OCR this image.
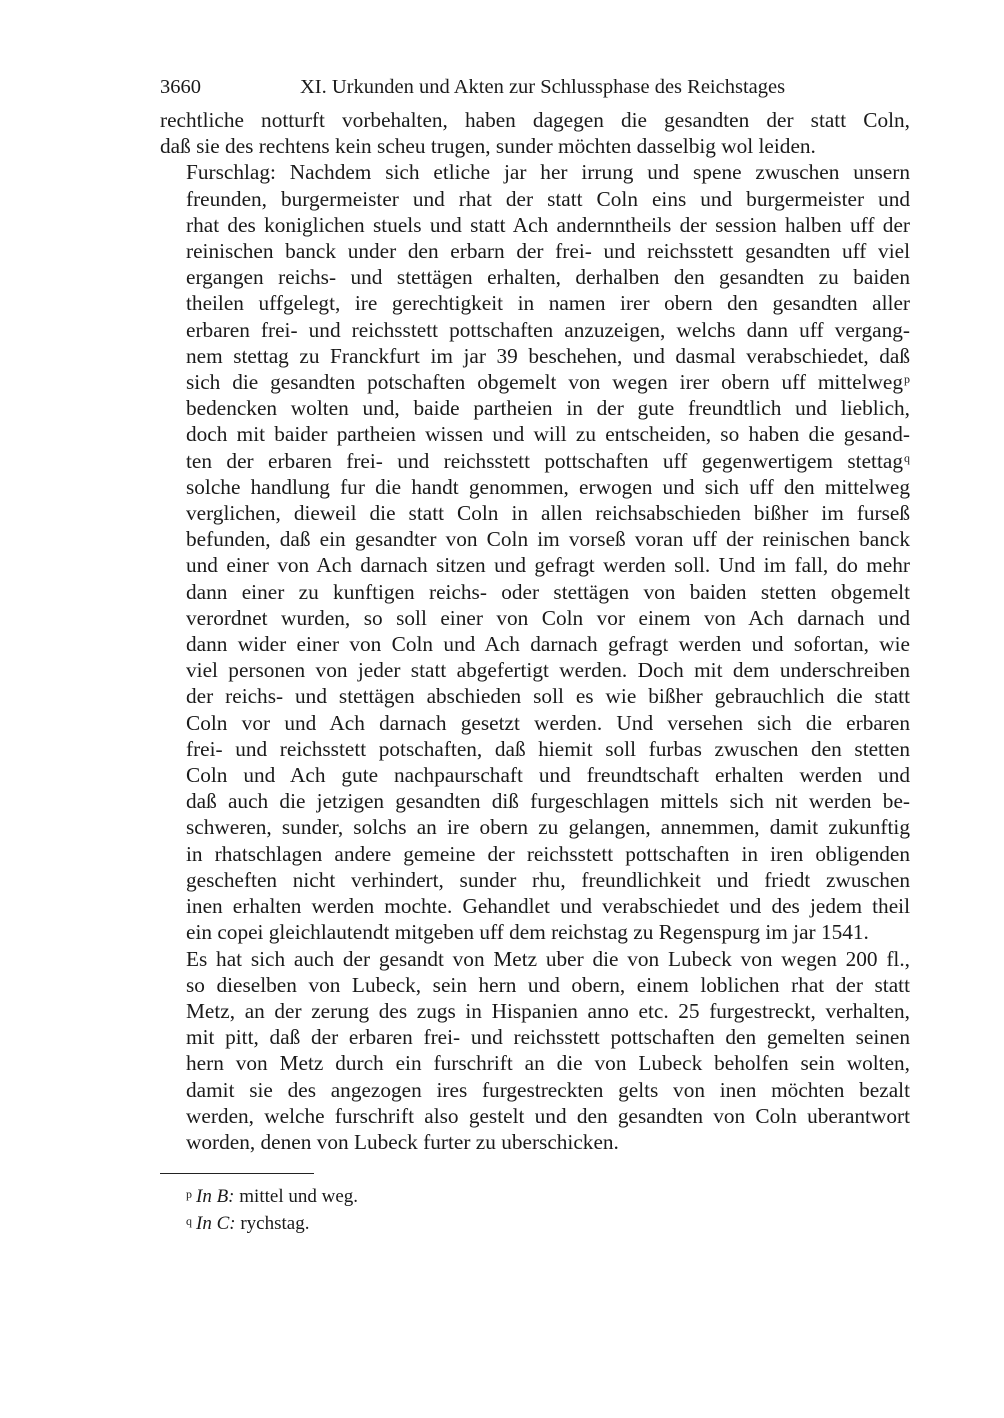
3660	XI. Urkunden und Akten zur Schlussphase des Reichstages
rechtliche notturft vorbehalten, haben dagegen die gesandten der statt Coln,
daß sie des rechtens kein scheu trugen, sunder möchten dasselbig wol leiden.
Furschlag: Nachdem sich etliche jar her irrung und spene zwuschen unsern
freunden, burgermeister und rhat der statt Coln eins und burgermeister und
rhat des koniglichen stuels und statt Ach andernntheils der session halben uff der
reinischen banck under den erbarn der frei- und reichsstett gesandten uff viel
ergangen reichs- und stettägen erhalten, derhalben den gesandten zu baiden
theilen uffgelegt, ire gerechtigkeit in namen irer obern den gesandten aller
erbaren frei- und reichsstett pottschaften anzuzeigen, welchs dann uff vergang-
nem stettag zu Franckfurt im jar 39 beschehen, und dasmal verabschiedet, daß
sich die gesandten potschaften obgemelt von wegen irer obern uff mittelweg$^p$
bedencken wolten und, baide partheien in der gute freundtlich und lieblich,
doch mit baider partheien wissen und will zu entscheiden, so haben die gesand-
ten der erbaren frei- und reichsstett pottschaften uff gegenwertigem stettag$^q$
solche handlung fur die handt genommen, erwogen und sich uff den mittelweg
verglichen, dieweil die statt Coln in allen reichsabschieden bißher im furseß
befunden, daß ein gesandter von Coln im vorseß voran uff der reinischen banck
und einer von Ach darnach sitzen und gefragt werden soll. Und im fall, do mehr
dann einer zu kunftigen reichs- oder stettägen von baiden stetten obgemelt
verordnet wurden, so soll einer von Coln vor einem von Ach darnach und
dann wider einer von Coln und Ach darnach gefragt werden und sofortan, wie
viel personen von jeder statt abgefertigt werden. Doch mit dem underschreiben
der reichs- und stettägen abschieden soll es wie bißher gebrauchlich die statt
Coln vor und Ach darnach gesetzt werden. Und versehen sich die erbaren
frei- und reichsstett potschaften, daß hiemit soll furbas zwuschen den stetten
Coln und Ach gute nachpaurschaft und freundtschaft erhalten werden und
daß auch die jetzigen gesandten diß furgeschlagen mittels sich nit werden be-
schweren, sunder, solchs an ire obern zu gelangen, annemmen, damit zukunftig
in rhatschlagen andere gemeine der reichsstett pottschaften in iren obligenden
gescheften nicht verhindert, sunder rhu, freundlichkeit und friedt zwuschen
inen erhalten werden mochte. Gehandlet und verabschiedet und des jedem theil
ein copei gleichlautendt mitgeben uff dem reichstag zu Regenspurg im jar 1541.
Es hat sich auch der gesandt von Metz uber die von Lubeck von wegen 200 fl.,
so dieselben von Lubeck, sein hern und obern, einem loblichen rhat der statt
Metz, an der zerung des zugs in Hispanien anno etc. 25 furgestreckt, verhalten,
mit pitt, daß der erbaren frei- und reichsstett pottschaften den gemelten seinen
hern von Metz durch ein furschrift an die von Lubeck beholfen sein wolten,
damit sie des angezogen ires furgestreckten gelts von inen möchten bezalt
werden, welche furschrift also gestelt und den gesandten von Coln uberantwort
worden, denen von Lubeck furter zu uberschicken.
$^p$ In B: mittel und weg.
$^q$ In C: rychstag.
